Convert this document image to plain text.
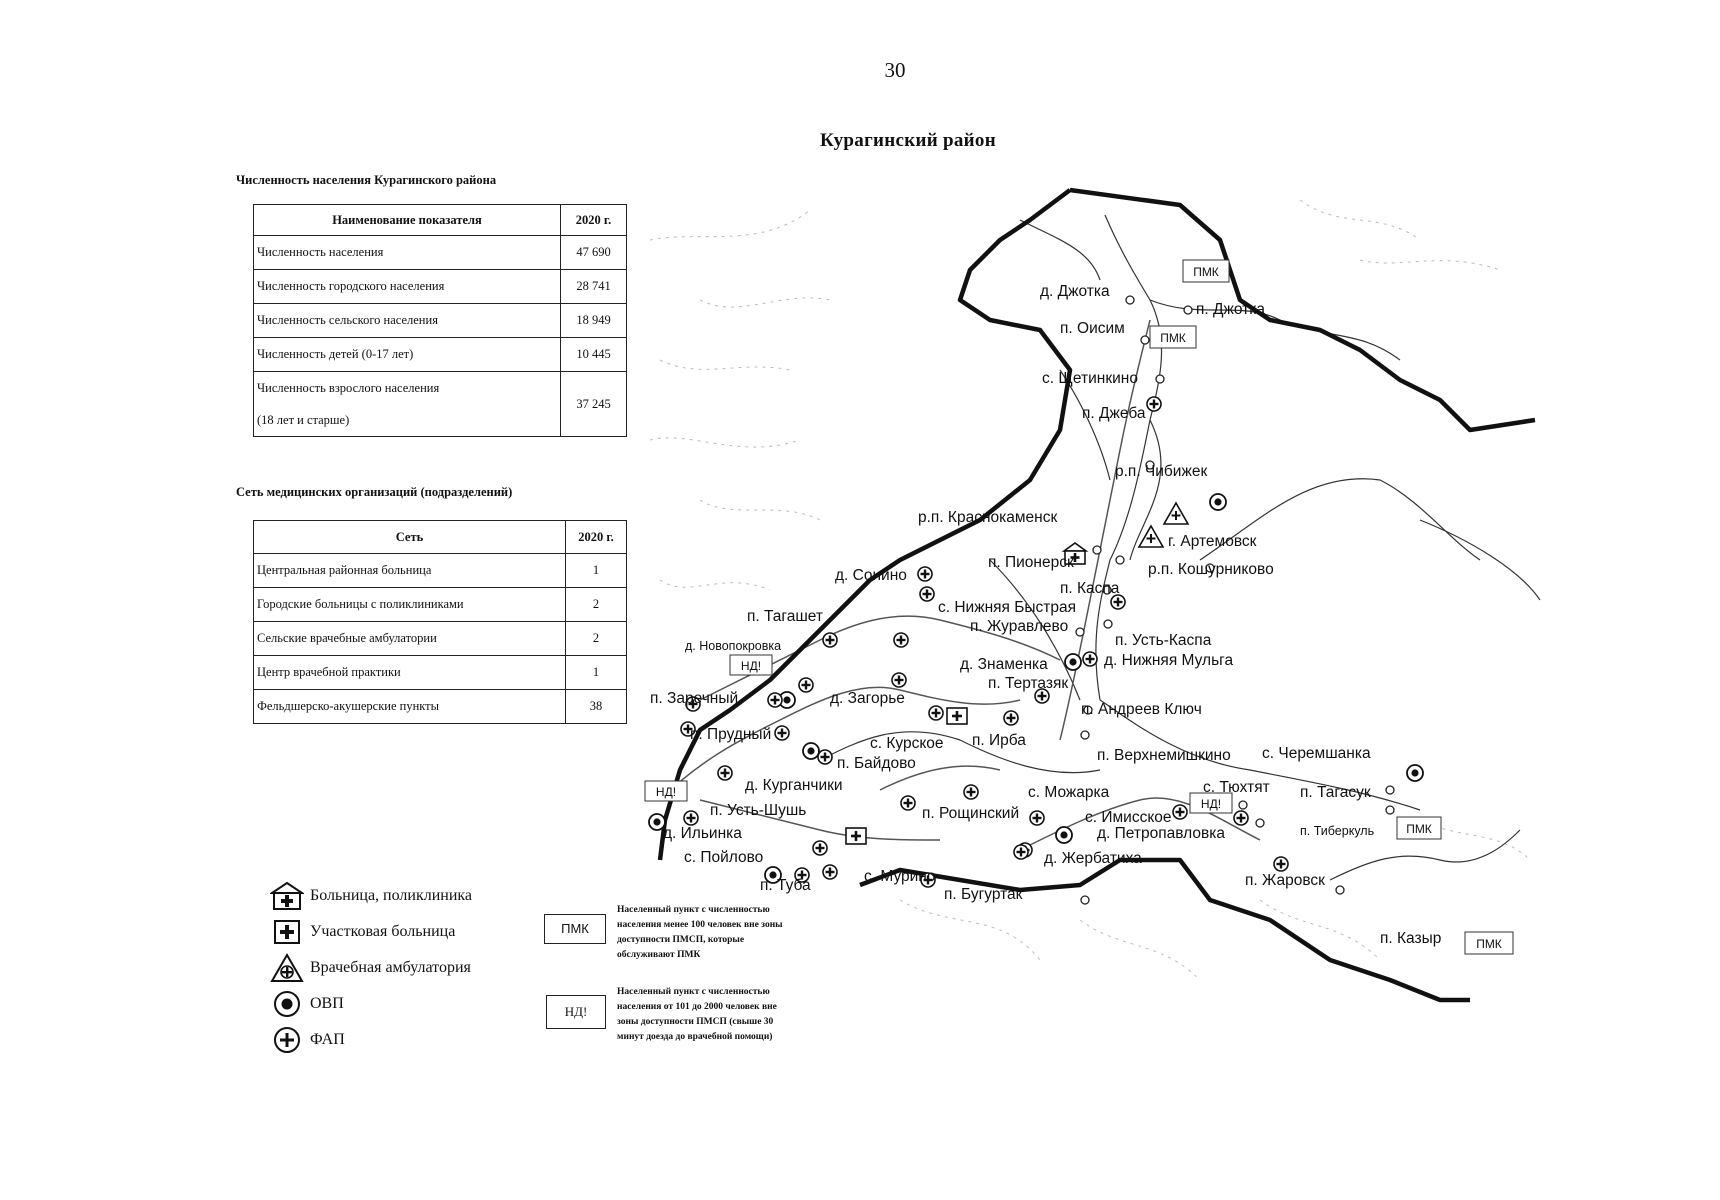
30
Курагинский район
Численность населения Курагинского района
Наименование показателя	2020 г.
Численность населения	47 690
Численность городского населения	28 741
Численность сельского населения	18 949
Численность детей (0-17 лет)	10 445

Численность взрослого населения
(18 лет и старше)	37 245
Сеть медицинских организаций (подразделений)
Сеть	2020 г.
Центральная районная больница	1
Городские больницы с поликлиниками	2
Сельские врачебные амбулатории	2
Центр врачебной практики	1
Фельдшерско-акушерские пункты	38
Больница, поликлиника
Участковая больница
Врачебная амбулатория
ОВП
ФАП
ПМК
Населенный пункт с численностью
населения менее 100 человек вне зоны
доступности ПМСП, которые
обслуживают ПМК
НД!
Населенный пункт с численностью
населения от 101 до 2000 человек вне
зоны доступности ПМСП (свыше 30
минут доезда до врачебной помощи)
ПМК
ПМК
ПМК
ПМК
НД!
НД!
НД!
д. Джотка
п. Джотка
п. Оисим
с. Щетинкино
п. Джеба
р.п. Чибижек
р.п. Краснокаменск
г. Артемовск
п. Пионерск	р.п. Кошурниково
д. Сонино
п. Каспа
с. Нижняя Быстрая
п. Тагашет
п. Журавлево
д. Новопокровка	п. Усть-Каспа
д. Знаменка	д. Нижняя Мульга
п. Тертазяк
п. Заречный	д. Загорье
п. Андреев Ключ
п. Прудный
с. Курское п. Ирба
п. Верхнемишкино с. Черемшанка
п. Байдово
д. Курганчики	с. Можарка	с. Тюхтят п. Тагасук
п. Усть-Шушь	п. Рощинский	с. Имисское
д. Ильинка	д. Петропавловка	п. Тиберкуль
с. Пойлово	д. Жербатиха
п. Туба
с. Мурино
п. Бугуртак
п. Жаровск
п. Казыр
